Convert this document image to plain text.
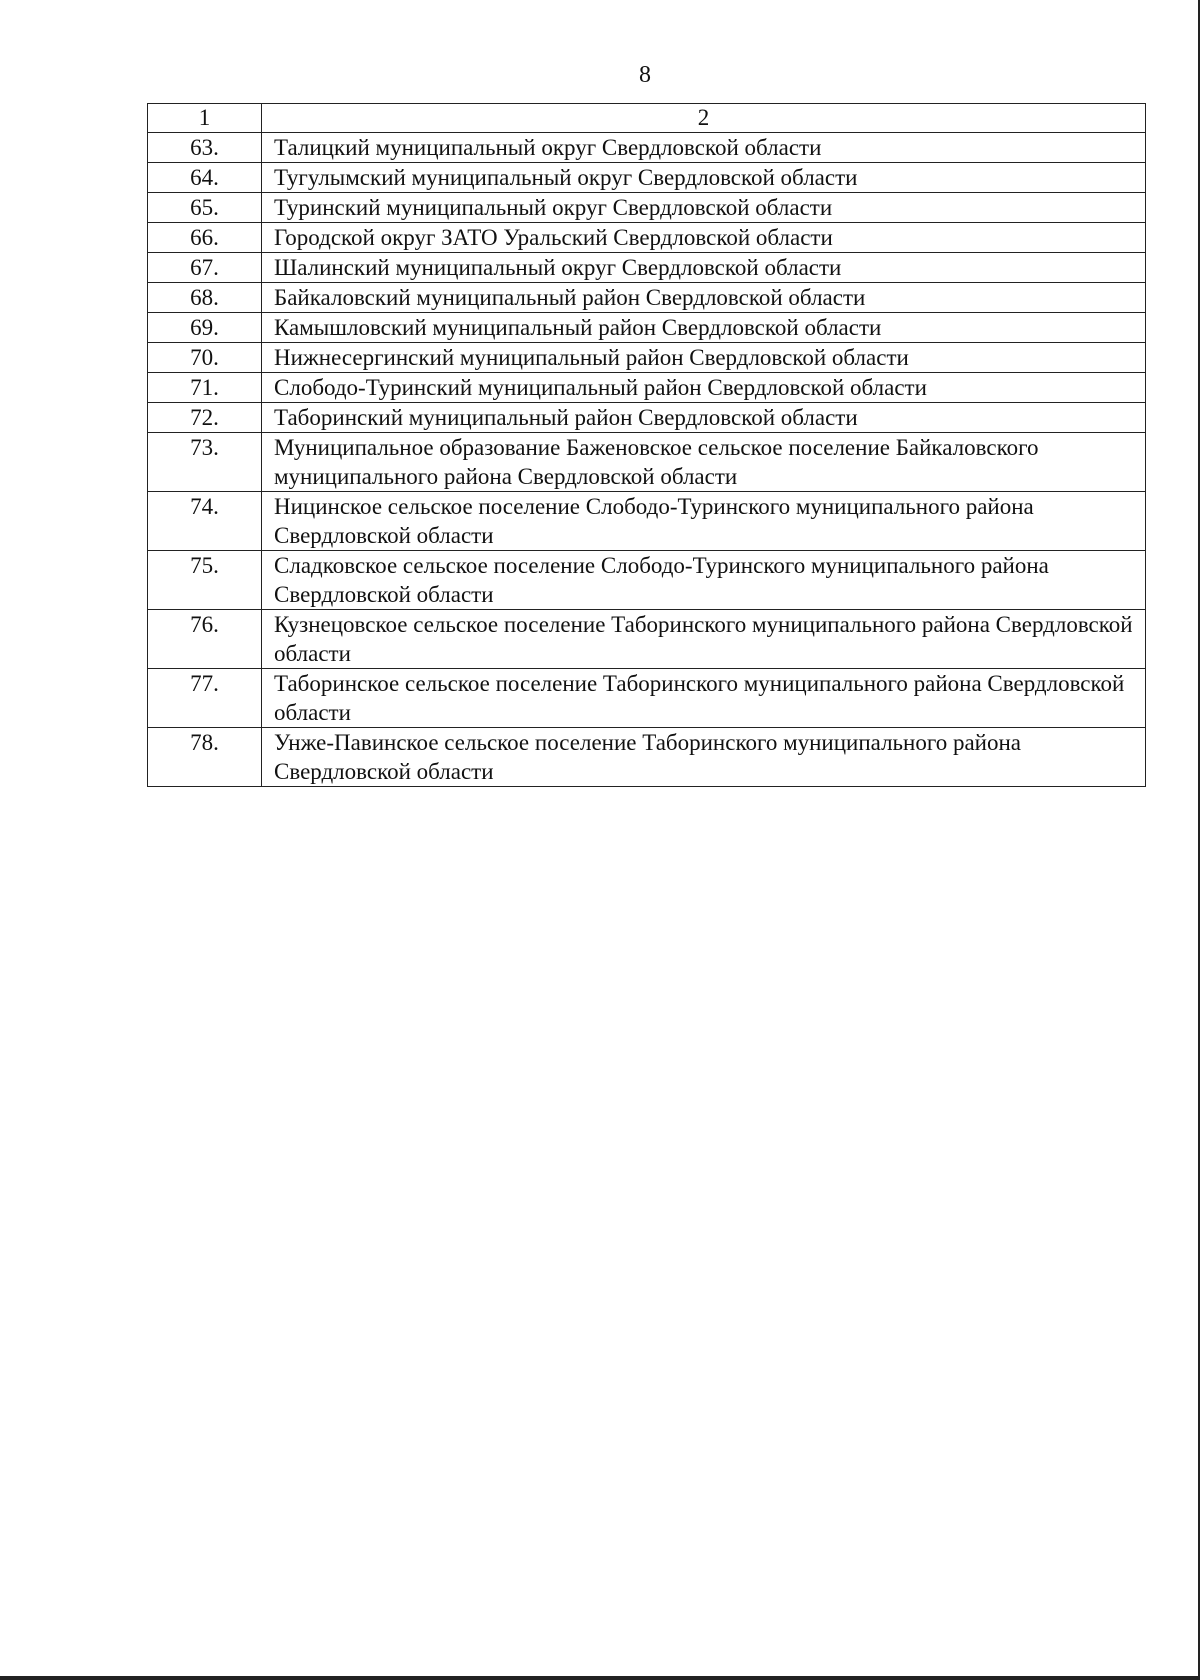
8
1	2
63.	Талицкий муниципальный округ Свердловской области
64.	Тугулымский муниципальный округ Свердловской области
65.	Туринский муниципальный округ Свердловской области
66.	Городской округ ЗАТО Уральский Свердловской области
67.	Шалинский муниципальный округ Свердловской области
68.	Байкаловский муниципальный район Свердловской области
69.	Камышловский муниципальный район Свердловской области
70.	Нижнесергинский муниципальный район Свердловской области
71.	Слободо-Туринский муниципальный район Свердловской области
72.	Таборинский муниципальный район Свердловской области
73.	Муниципальное образование Баженовское сельское поселение Байкаловского муниципального района Свердловской области
74.	Ницинское сельское поселение Слободо-Туринского муниципального района Свердловской области
75.	Сладковское сельское поселение Слободо-Туринского муниципального района Свердловской области
76.	Кузнецовское сельское поселение Таборинского муниципального района Свердловской области
77.	Таборинское сельское поселение Таборинского муниципального района Свердловской области
78.	Унже-Павинское сельское поселение Таборинского муниципального района Свердловской области
